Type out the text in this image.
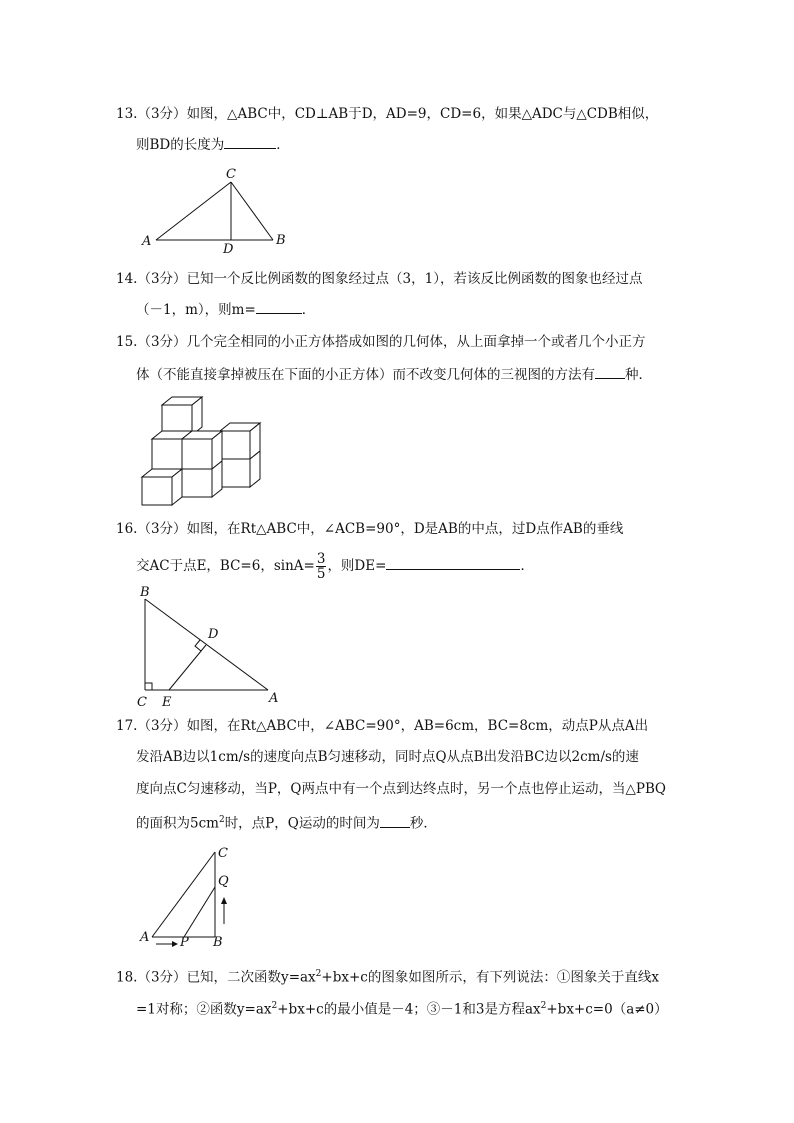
13.（3分）如图，△ABC中，CD⊥AB于D，AD=9，CD=6，如果△ADC与△CDB相似，
则BD的长度为	．
C
A
D
B
14.（3分）已知一个反比例函数的图象经过点（3，1），若该反比例函数的图象也经过点
（－1，m），则m=	．
15.（3分）几个完全相同的小正方体搭成如图的几何体，从上面拿掉一个或者几个小正方
体（不能直接拿掉被压在下面的小正方体）而不改变几何体的三视图的方法有 种．
16.（3分）如图，在Rt△ABC中，∠ACB=90°，D是AB的中点，过D点作AB的垂线
交AC于点E，BC=6，$\sin A= \frac{3}{5}$ ，则DE=	．
B
D
C E	A
17.（3分）如图，在Rt△ABC中，∠ABC=90°，AB=6cm，BC=8cm，动点P从点A出
发沿AB边以1cm/s的速度向点B匀速移动，同时点Q从点B出发沿BC边以2cm/s的速
度向点C匀速移动，当P，Q两点中有一个点到达终点时，另一个点也停止运动，当△PBQ
的面积为$5cm^2$时，点P，Q运动的时间为 秒．
C
Q
A P B
18.（3分）已知，二次函数$y=ax^2+bx+c$的图象如图所示，有下列说法：①图象关于直线x
=1对称；②函数$y=ax^2+bx+c$的最小值是－4；③－1和3是方程$ax^2+bx+c=0(a\ne 0)$
